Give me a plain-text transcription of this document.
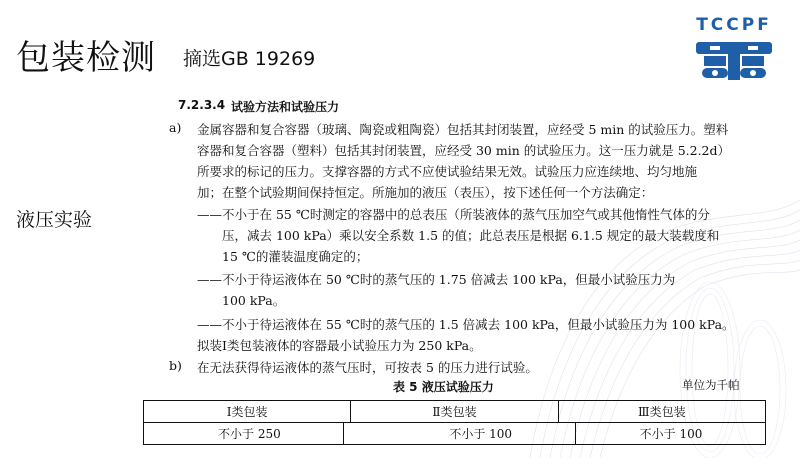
包装检测 摘选GB 19269
TCCPF
液压实验
7.2.3.4 试验方法和试验压力
a) 金属容器和复合容器（玻璃、陶瓷或粗陶瓷）包括其封闭装置，应经受 5 min 的试验压力。塑料
容器和复合容器（塑料）包括其封闭装置，应经受 30 min 的试验压力。这一压力就是 5.2.2d）
所要求的标记的压力。支撑容器的方式不应使试验结果无效。试验压力应连续地、均匀地施
加；在整个试验期间保持恒定。所施加的液压（表压），按下述任何一个方法确定：
——不小于在 55 ℃时测定的容器中的总表压（所装液体的蒸气压加空气或其他惰性气体的分
压，减去 100 kPa）乘以安全系数 1.5 的值；此总表压是根据 6.1.5 规定的最大装载度和
15 ℃的灌装温度确定的；
——不小于待运液体在 50 ℃时的蒸气压的 1.75 倍减去 100 kPa，但最小试验压力为
100 kPa。
——不小于待运液体在 55 ℃时的蒸气压的 1.5 倍减去 100 kPa，但最小试验压力为 100 kPa。
拟装Ⅰ类包装液体的容器最小试验压力为 250 kPa。
b) 在无法获得待运液体的蒸气压时，可按表 5 的压力进行试验。
表 5 液压试验压力	单位为千帕
Ⅰ类包装	Ⅱ类包装	Ⅲ类包装
不小于 250	不小于 100	不小于 100
